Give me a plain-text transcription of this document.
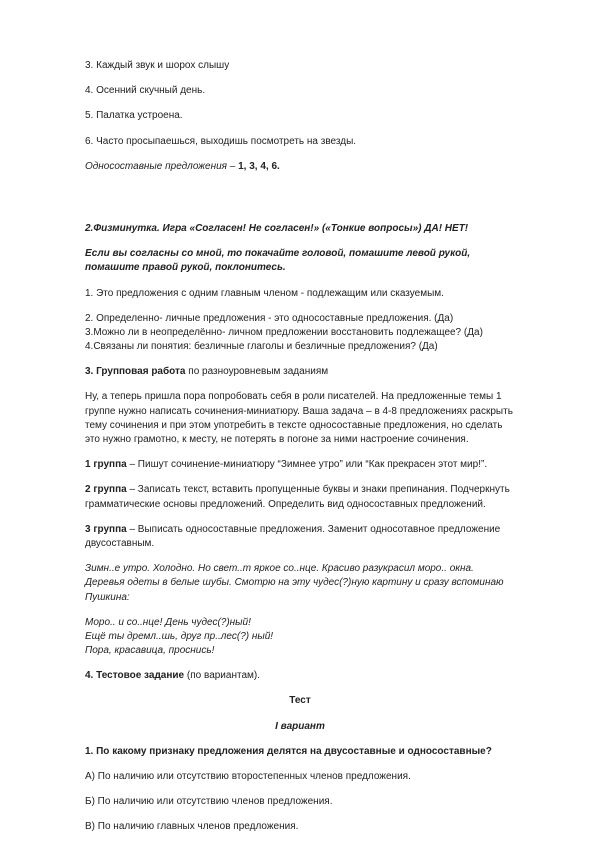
3. Каждый звук и шорох слышу

4. Осенний скучный день.

5. Палатка устроена.

6. Часто просыпаешься, выходишь посмотреть на звезды.

Односоставные предложения – 1, 3, 4, 6.

2.Физминутка. Игра «Согласен! Не согласен!» («Тонкие вопросы») ДА! НЕТ!

Если вы согласны со мной, то покачайте головой, помашите левой рукой, помашите правой рукой, поклонитесь.

1. Это предложения с одним главным членом - подлежащим или сказуемым.

2. Определенно- личные предложения - это односоставные предложения. (Да)

3.Можно ли в неопределённо- личном предложении восстановить подлежащее? (Да)

4.Связаны ли понятия: безличные глаголы и безличные предложения? (Да)

3. Групповая работа по разноуровневым заданиям

Ну, а теперь пришла пора попробовать себя в роли писателей. На предложенные темы 1 группе нужно написать сочинения-миниатюру. Ваша задача – в 4-8 предложениях раскрыть тему сочинения и при этом употребить в тексте односоставные предложения, но сделать это нужно грамотно, к месту, не потерять в погоне за ними настроение сочинения.

1 группа – Пишут сочинение-миниатюру “Зимнее утро” или “Как прекрасен этот мир!”.

2 группа – Записать текст, вставить пропущенные буквы и знаки препинания. Подчеркнуть грамматические основы предложений. Определить вид односоставных предложений.

3 группа – Выписать односоставные предложения. Заменит односотавное предложение двусоставным.

Зимн..е утро. Холодно. Но свет..т яркое со..нце. Красиво разукрасил моро.. окна. Деревья одеты в белые шубы. Смотрю на эту чудес(?)ную картину и сразу вспоминаю Пушкина:

Моро.. и со..нце! День чудес(?)ный!

Ещё ты дремл..шь, друг пр..лес(?) ный!

Пора, красавица, проснись!

4. Тестовое задание (по вариантам).

Тест

I вариант

1. По какому признаку предложения делятся на двусоставные и односоставные?

А) По наличию или отсутствию второстепенных членов предложения.

Б) По наличию или отсутствию членов предложения.

В) По наличию главных членов предложения.
